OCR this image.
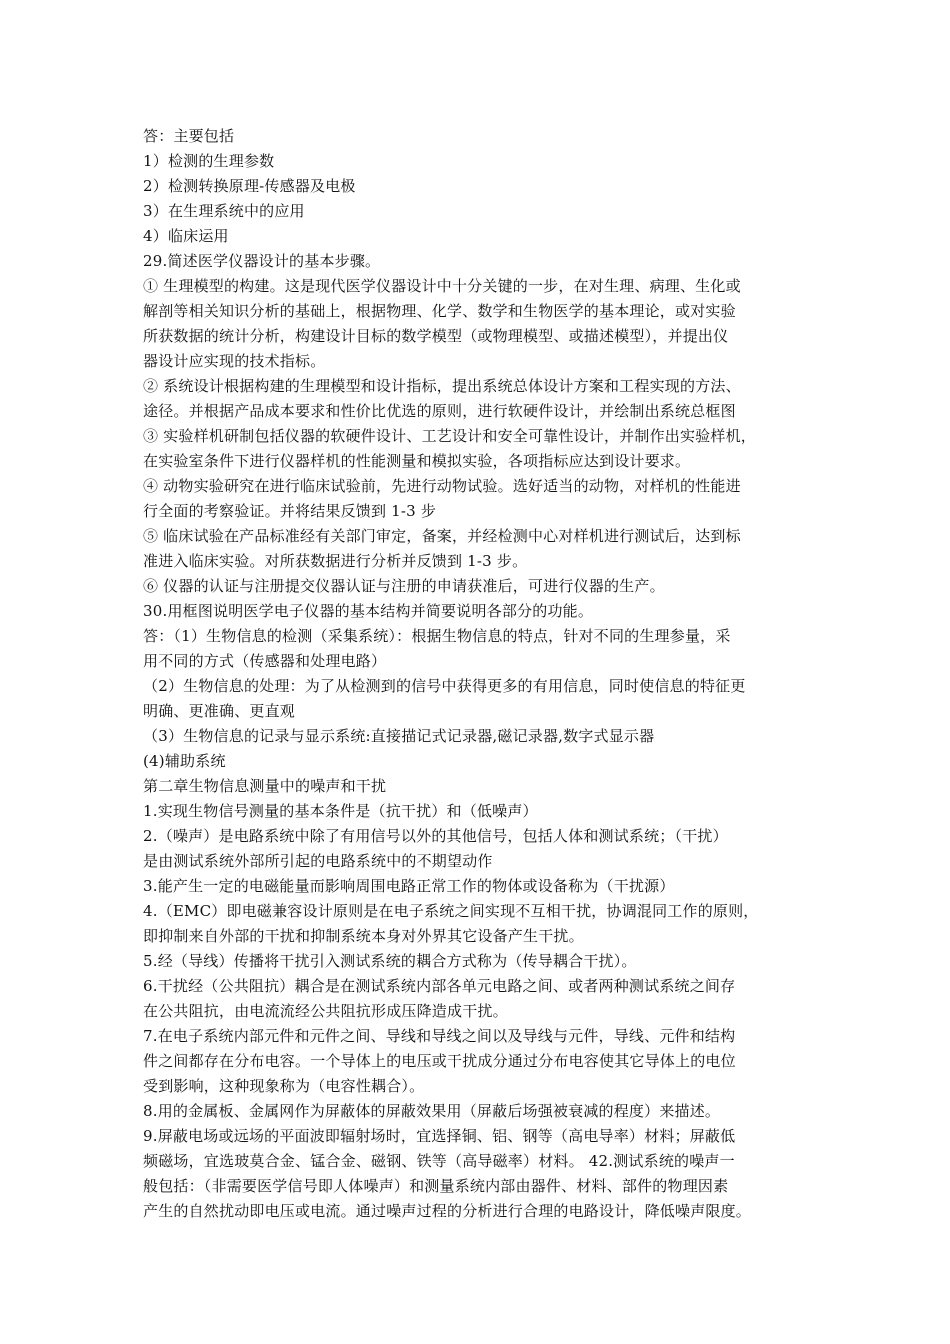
答：主要包括
1）检测的生理参数
2）检测转换原理-传感器及电极
3）在生理系统中的应用
4）临床运用
29.简述医学仪器设计的基本步骤。
① 生理模型的构建。这是现代医学仪器设计中十分关键的一步，在对生理、病理、生化或
解剖等相关知识分析的基础上，根据物理、化学、数学和生物医学的基本理论，或对实验
所获数据的统计分析，构建设计目标的数学模型（或物理模型、或描述模型），并提出仪
器设计应实现的技术指标。
② 系统设计根据构建的生理模型和设计指标，提出系统总体设计方案和工程实现的方法、
途径。并根据产品成本要求和性价比优选的原则，进行软硬件设计，并绘制出系统总框图
③ 实验样机研制包括仪器的软硬件设计、工艺设计和安全可靠性设计，并制作出实验样机，
在实验室条件下进行仪器样机的性能测量和模拟实验，各项指标应达到设计要求。
④ 动物实验研究在进行临床试验前，先进行动物试验。选好适当的动物，对样机的性能进
行全面的考察验证。并将结果反馈到 1-3 步
⑤ 临床试验在产品标准经有关部门审定，备案，并经检测中心对样机进行测试后，达到标
准进入临床实验。对所获数据进行分析并反馈到 1-3 步。
⑥ 仪器的认证与注册提交仪器认证与注册的申请获准后，可进行仪器的生产。
30.用框图说明医学电子仪器的基本结构并简要说明各部分的功能。
答：（1）生物信息的检测（采集系统）：根据生物信息的特点，针对不同的生理参量，采
用不同的方式（传感器和处理电路）
（2）生物信息的处理：为了从检测到的信号中获得更多的有用信息，同时使信息的特征更
明确、更准确、更直观
（3）生物信息的记录与显示系统:直接描记式记录器,磁记录器,数字式显示器
(4)辅助系统
第二章生物信息测量中的噪声和干扰
1.实现生物信号测量的基本条件是（抗干扰）和（低噪声）
2.（噪声）是电路系统中除了有用信号以外的其他信号，包括人体和测试系统；（干扰）
是由测试系统外部所引起的电路系统中的不期望动作
3.能产生一定的电磁能量而影响周围电路正常工作的物体或设备称为（干扰源）
4.（EMC）即电磁兼容设计原则是在电子系统之间实现不互相干扰，协调混同工作的原则，
即抑制来自外部的干扰和抑制系统本身对外界其它设备产生干扰。
5.经（导线）传播将干扰引入测试系统的耦合方式称为（传导耦合干扰）。
6.干扰经（公共阻抗）耦合是在测试系统内部各单元电路之间、或者两种测试系统之间存
在公共阻抗，由电流流经公共阻抗形成压降造成干扰。
7.在电子系统内部元件和元件之间、导线和导线之间以及导线与元件，导线、元件和结构
件之间都存在分布电容。一个导体上的电压或干扰成分通过分布电容使其它导体上的电位
受到影响，这种现象称为（电容性耦合）。
8.用的金属板、金属网作为屏蔽体的屏蔽效果用（屏蔽后场强被衰减的程度）来描述。
9.屏蔽电场或远场的平面波即辐射场时，宜选择铜、铝、钢等（高电导率）材料；屏蔽低
频磁场，宜选玻莫合金、锰合金、磁钢、铁等（高导磁率）材料。 42.测试系统的噪声一
般包括：（非需要医学信号即人体噪声）和测量系统内部由器件、材料、部件的物理因素
产生的自然扰动即电压或电流。通过噪声过程的分析进行合理的电路设计，降低噪声限度。
